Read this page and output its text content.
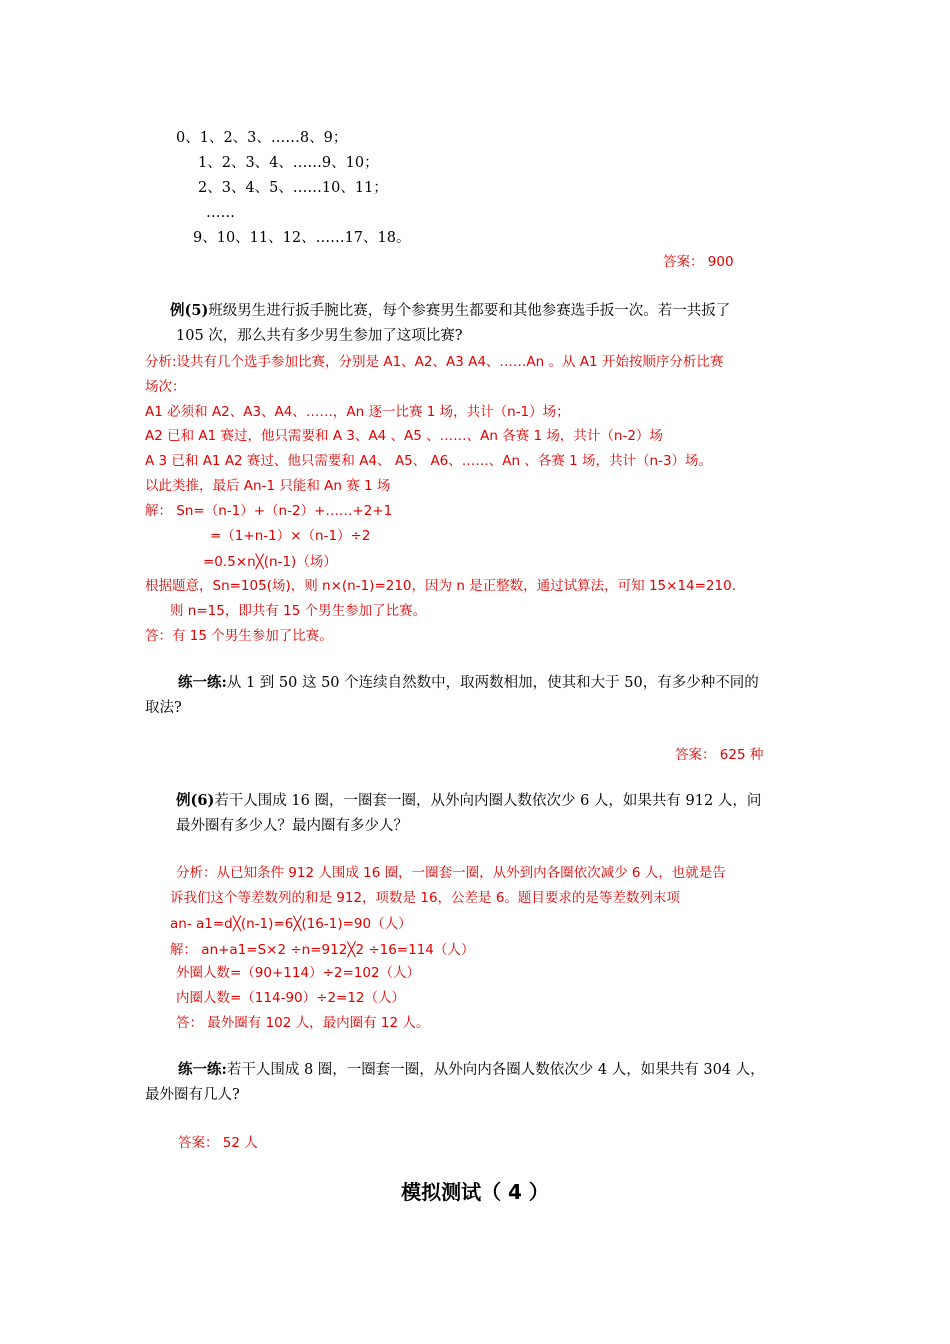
0、1、2、3、……8、9；
1、2、3、4、……9、10；
2、3、4、5、……10、11；
……
9、10、11、12、……17、18。
答案： 900
例(5)班级男生进行扳手腕比赛，每个参赛男生都要和其他参赛选手扳一次。若一共扳了
105 次，那么共有多少男生参加了这项比赛?
分析:设共有几个选手参加比赛，分别是 A1、A2、A3 A4、……An 。从 A1 开始按顺序分析比赛
场次：
A1 必须和 A2、A3、A4、……，An 逐一比赛 1 场，共计（n-1）场；
A2 已和 A1 赛过，他只需要和 A 3、A4 、A5 、……、An 各赛 1 场，共计（n-2）场
A 3 已和 A1 A2 赛过、他只需要和 A4、 A5、 A6、……、An 、各赛 1 场，共计（n-3）场。
以此类推，最后 An-1 只能和 An 赛 1 场
解： Sn=（n-1）+（n-2）+……+2+1
=（1+n-1）×（n-1）÷2
=0.5×n╳(n-1)（场）
根据题意，Sn=105(场)，则 n×(n-1)=210，因为 n 是正整数，通过试算法，可知 15×14=210.
则 n=15，即共有 15 个男生参加了比赛。
答：有 15 个男生参加了比赛。
练一练:从 1 到 50 这 50 个连续自然数中，取两数相加，使其和大于 50，有多少种不同的
取法?
答案： 625 种
例(6)若干人围成 16 圈，一圈套一圈，从外向内圈人数依次少 6 人，如果共有 912 人，问
最外圈有多少人？最内圈有多少人？
分析：从已知条件 912 人围成 16 圈，一圈套一圈，从外到内各圈依次减少 6 人，也就是告
诉我们这个等差数列的和是 912，项数是 16，公差是 6。题目要求的是等差数列末项
an- a1=d╳(n-1)=6╳(16-1)=90（人）
解： an+a1=S×2 ÷n=912╳2 ÷16=114（人）
外圈人数=（90+114）÷2=102（人）
内圈人数=（114-90）÷2=12（人）
答： 最外圈有 102 人，最内圈有 12 人。
练一练:若干人围成 8 圈，一圈套一圈，从外向内各圈人数依次少 4 人，如果共有 304 人，
最外圈有几人?
答案： 52 人
模拟测试（ 4 ）
